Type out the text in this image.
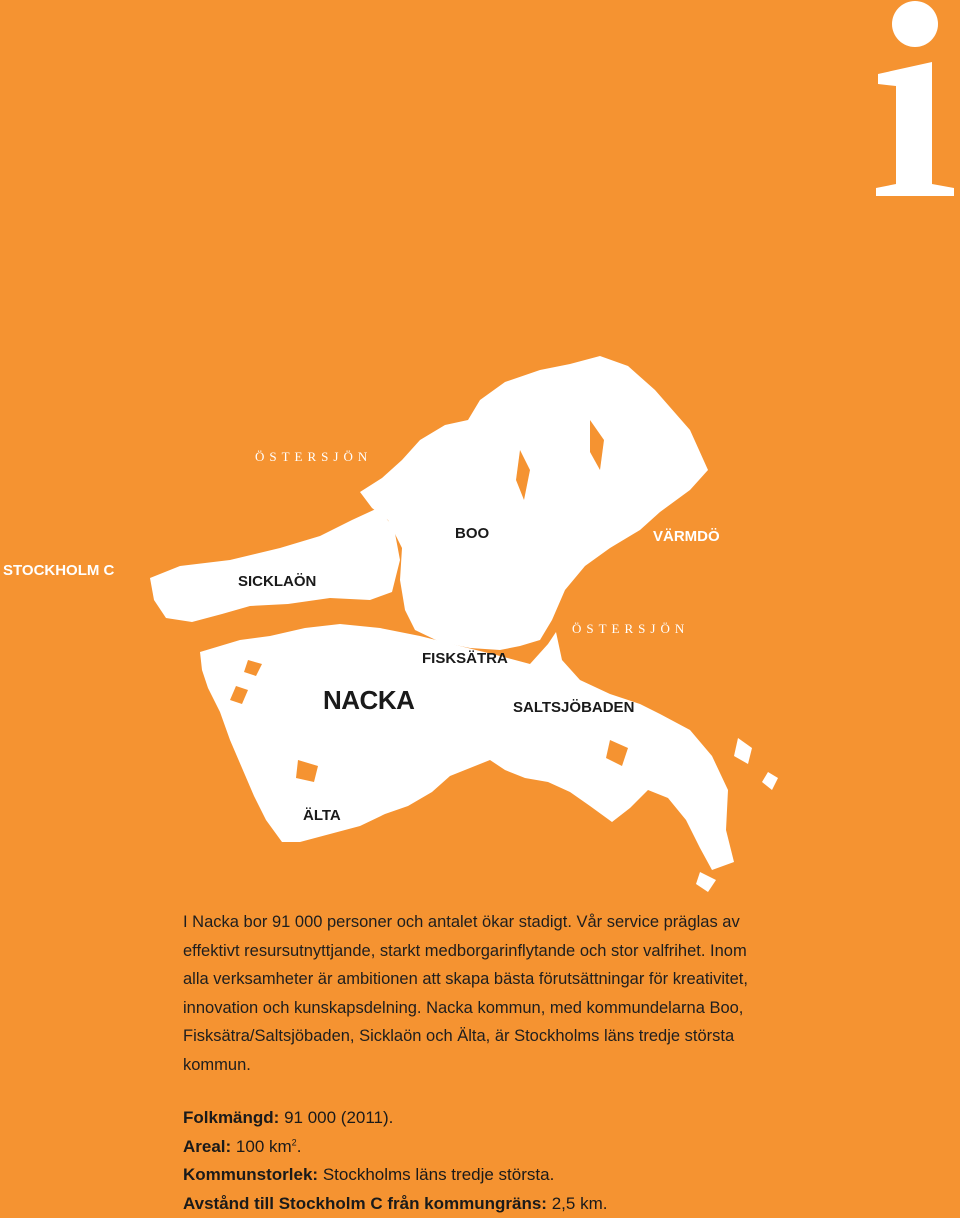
ÖSTERSJÖN
BOO	VÄRMDÖ
STOCKHOLM C
SICKLAÖN
ÖSTERSJÖN
FISKSÄTRA
NACKA	SALTSJÖBADEN
ÄLTA

I Nacka bor 91 000 personer och antalet ökar stadigt. Vår service präglas av effektivt resursutnyttjande, starkt medborgarinflytande och stor valfrihet. Inom alla verksamheter är ambitionen att skapa bästa förutsättningar för kreativitet, innovation och kunskapsdelning. Nacka kommun, med kommundelarna Boo, Fisksätra/Saltsjöbaden, Sicklaön och Älta, är Stockholms läns tredje största kommun.

Folkmängd: 91 000 (2011).
Areal: 100 $km^2$.
Kommunstorlek: Stockholms läns tredje största.
Avstånd till Stockholm C från kommungräns: 2,5 km.
